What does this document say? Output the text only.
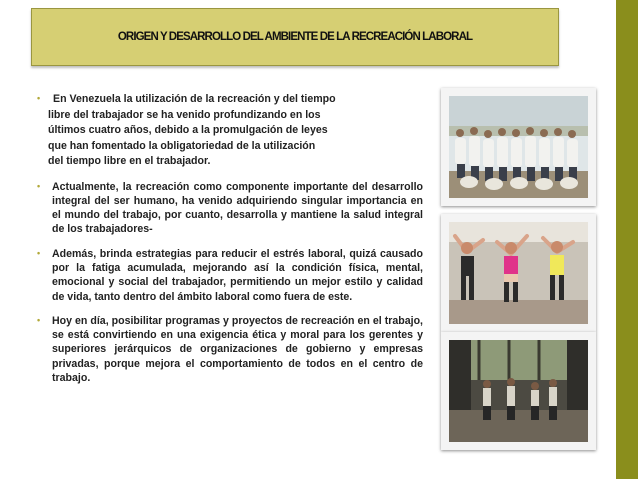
ORIGEN Y DESARROLLO DEL AMBIENTE DE LA RECREACIÓN LABORAL
•	En Venezuela la utilización de la recreación y del tiempo
libre del trabajador se ha venido profundizando en los
últimos cuatro años, debido a la promulgación de leyes
que han fomentado la obligatoriedad de la utilización
del tiempo libre en el trabajador.
• Actualmente, la recreación como componente importante del desarrollo integral del ser humano, ha venido adquiriendo singular importancia en el mundo del trabajo, por cuanto, desarrolla y mantiene la salud integral de los trabajadores-
• Además, brinda estrategias para reducir el estrés laboral, quizá causado por la fatiga acumulada, mejorando así la condición física, mental, emocional y social del trabajador, permitiendo un mejor estilo y calidad de vida, tanto dentro del ámbito laboral como fuera de este.
• Hoy en día, posibilitar programas y proyectos de recreación en el trabajo, se está convirtiendo en una exigencia ética y moral para los gerentes y superiores jerárquicos de organizaciones de gobierno y empresas privadas, porque mejora el comportamiento de todos en el centro de trabajo.
